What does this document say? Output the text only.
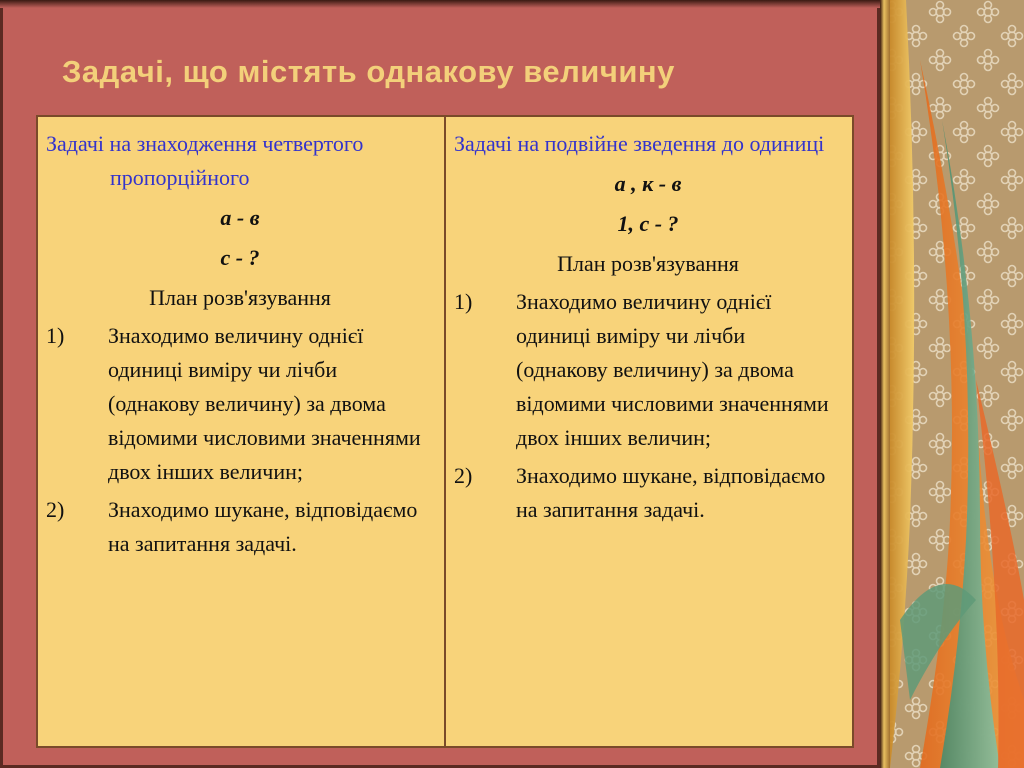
Задачі, що містять однакову величину

Задачі на знаходження четвертого пропорційного

а - в

с - ?

План розв'язування

1)	Знаходимо величину однієї одиниці виміру чи лічби (однакову величину) за двома відомими числовими значеннями двох інших величин;
2)	Знаходимо шукане, відповідаємо на запитання задачі.

Задачі на подвійне зведення до одиниці

а , к - в

1, с - ?

План розв'язування

1)	Знаходимо величину однієї одиниці виміру чи лічби (однакову величину) за двома відомими числовими значеннями двох інших величин;
2)	Знаходимо шукане, відповідаємо на запитання задачі.
